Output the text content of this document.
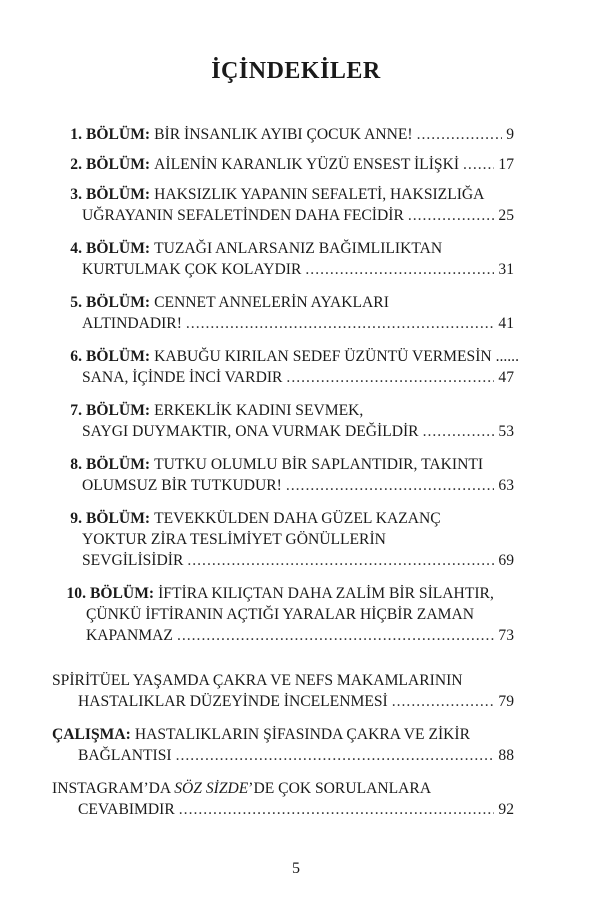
İÇİNDEKİLER
1. BÖLÜM: BİR İNSANLIK AYIBI ÇOCUK ANNE! .....	9
2. BÖLÜM: AİLENİN KARANLIK YÜZÜ ENSEST İLİŞKİ .....	17
3. BÖLÜM: HAKSIZLIK YAPANIN SEFALETİ, HAKSIZLIĞA
UĞRAYANIN SEFALETİNDEN DAHA FECİDİR .....	25
4. BÖLÜM: TUZAĞI ANLARSANIZ BAĞIMLILIKTAN
KURTULMAK ÇOK KOLAYDIR .....	31
5. BÖLÜM: CENNET ANNELERİN AYAKLARI
ALTINDADIR! .....	41
6. BÖLÜM: KABUĞU KIRILAN SEDEF ÜZÜNTÜ VERMESİN ......
SANA, İÇİNDE İNCİ VARDIR .....	47
7. BÖLÜM: ERKEKLİK KADINI SEVMEK,
SAYGI DUYMAKTIR, ONA VURMAK DEĞİLDİR .....	53
8. BÖLÜM: TUTKU OLUMLU BİR SAPLANTIDIR, TAKINTI
OLUMSUZ BİR TUTKUDUR! .....	63
9. BÖLÜM: TEVEKKÜLDEN DAHA GÜZEL KAZANÇ
YOKTUR ZİRA TESLİMİYET GÖNÜLLERİN
SEVGİLİSİDİR .....	69
10. BÖLÜM: İFTİRA KILIÇTAN DAHA ZALİM BİR SİLAHTIR,
ÇÜNKÜ İFTİRANIN AÇTIĞI YARALAR HİÇBİR ZAMAN
KAPANMAZ .....	73
SPİRİTÜEL YAŞAMDA ÇAKRA VE NEFS MAKAMLARININ
HASTALIKLAR DÜZEYİNDE İNCELENMESİ .....	79
ÇALIŞMA: HASTALIKLARIN ŞİFASINDA ÇAKRA VE ZİKİR
BAĞLANTISI .....	88
INSTAGRAM’DA SÖZ SİZDE ’DE ÇOK SORULANLARA
CEVABIMDIR .....	92
5
